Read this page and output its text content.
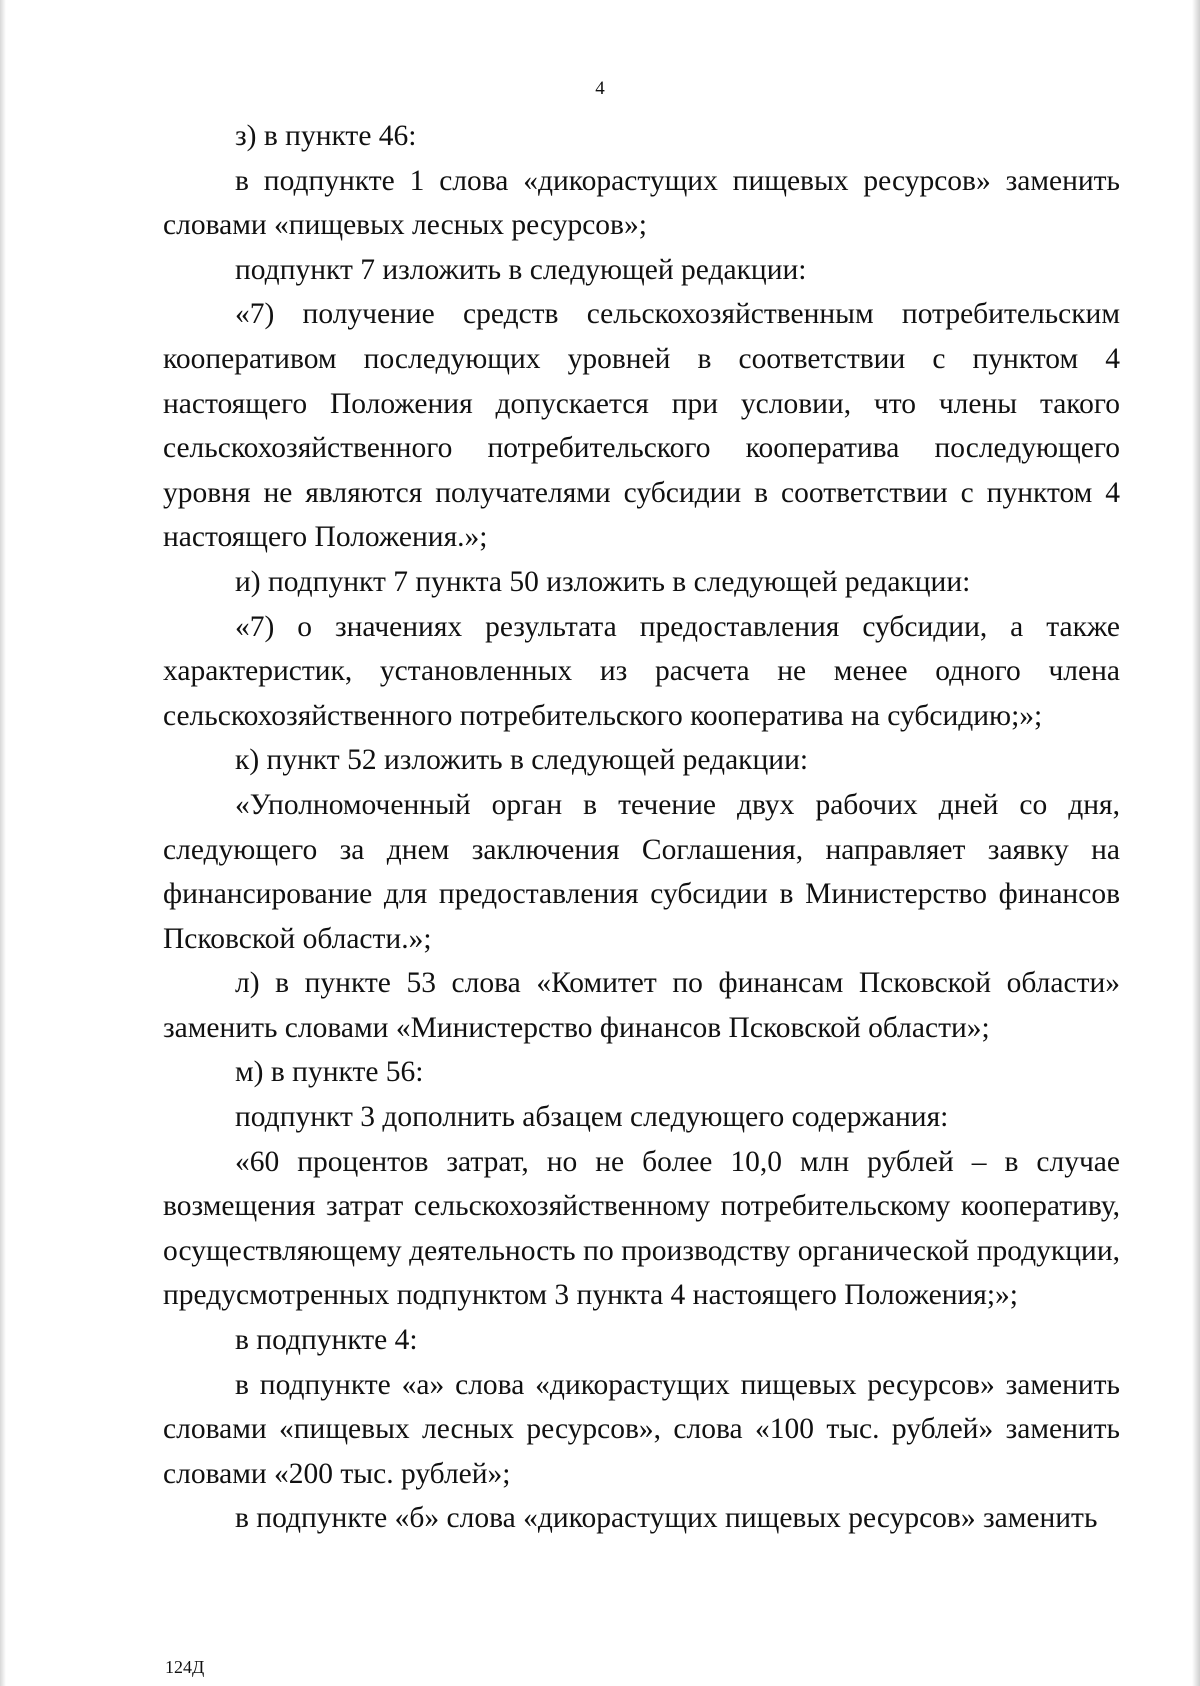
4

з) в пункте 46:

в подпункте 1 слова «дикорастущих пищевых ресурсов» заменить словами «пищевых лесных ресурсов»;

подпункт 7 изложить в следующей редакции:

«7) получение средств сельскохозяйственным потребительским кооперативом последующих уровней в соответствии с пунктом 4 настоящего Положения допускается при условии, что члены такого сельскохозяйственного потребительского кооператива последующего уровня не являются получателями субсидии в соответствии с пунктом 4 настоящего Положения.»;

и) подпункт 7 пункта 50 изложить в следующей редакции:

«7) о значениях результата предоставления субсидии, а также характеристик, установленных из расчета не менее одного члена сельскохозяйственного потребительского кооператива на субсидию;»;

к) пункт 52 изложить в следующей редакции:

«Уполномоченный орган в течение двух рабочих дней со дня, следующего за днем заключения Соглашения, направляет заявку на финансирование для предоставления субсидии в Министерство финансов Псковской области.»;

л) в пункте 53 слова «Комитет по финансам Псковской области» заменить словами «Министерство финансов Псковской области»;

м) в пункте 56:

подпункт 3 дополнить абзацем следующего содержания:

«60 процентов затрат, но не более 10,0 млн рублей – в случае возмещения затрат сельскохозяйственному потребительскому кооперативу, осуществляющему деятельность по производству органической продукции, предусмотренных подпунктом 3 пункта 4 настоящего Положения;»;

в подпункте 4:

в подпункте «а» слова «дикорастущих пищевых ресурсов» заменить словами «пищевых лесных ресурсов», слова «100 тыс. рублей» заменить словами «200 тыс. рублей»;

в подпункте «б» слова «дикорастущих пищевых ресурсов» заменить

124Д
